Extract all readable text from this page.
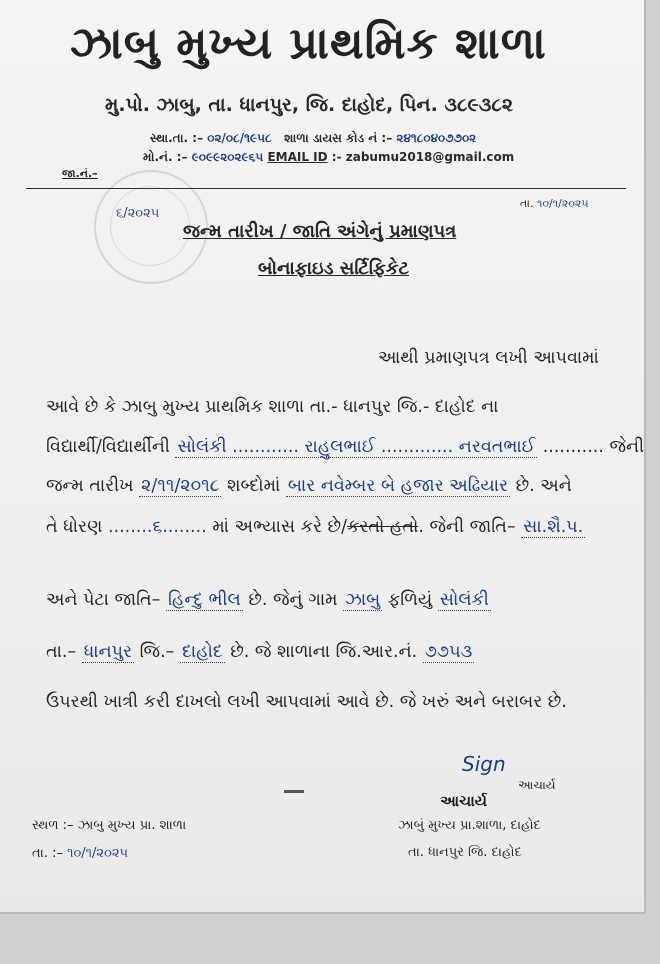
ઝાબુ મુખ્ય પ્રાથમિક શાળા
મુ.પો. ઝાબુ, તા. ધાનપુર, જિ. દાહોદ, પિન. ૩૮૯૩૮૨
સ્થા.તા. :– ૦૨/૦૮/૧૯૫૮ શાળા ડાયસ કોડ નં :– ૨૪૧૮૦૪૦૭૭૦૨
મો.નં. :– ૯૦૯૯૨૦૨૯૬૫ EMAIL ID :- zabumu2018@gmail.com
જા.નં.–
તા. ૧૦/૧/૨૦૨૫
૬/૨૦૨૫
જન્મ તારીખ / જાતિ અંગેનું પ્રમાણપત્ર
બોનાફાઇડ સર્ટિફિકેટ
આથી પ્રમાણપત્ર લખી આપવામાં
આવે છે કે ઝાબુ મુખ્ય પ્રાથમિક શાળા તા.- ધાનપુર જિ.- દાહોદ ના
વિદ્યાર્થી/વિદ્યાર્થીની સોલંકી ............ રાહુલભાઈ ............. નરવતભાઈ ........... જેની
જન્મ તારીખ ૨/૧૧/૨૦૧૮ શબ્દોમાં બાર નવેમ્બર બે હજાર અઢિયાર છે. અને
તે ધોરણ ........૬........ માં અભ્યાસ કરે છે/કરતો હતો. જેની જાતિ– સા.શૈ.પ.
અને પેટા જાતિ– હિન્દુ ભીલ છે. જેનું ગામ ઝાબુ ફળિયું સોલંકી
તા.– ધાનપુર જિ.– દાહોદ છે. જે શાળાના જિ.આર.નં. ૭૭૫૩
ઉપરથી ખાત્રી કરી દાખલો લખી આપવામાં આવે છે. જે ખરું અને બરાબર છે.
Sign
આચાર્ય
આચાર્ય
સ્થળ :– ઝાબુ મુખ્ય પ્રા. શાળા	ઝાબું મુખ્ય પ્રા.શાળા, દાહોદ
તા. :– ૧૦/૧/૨૦૨૫	તા. ધાનપુર જિ. દાહોદ
